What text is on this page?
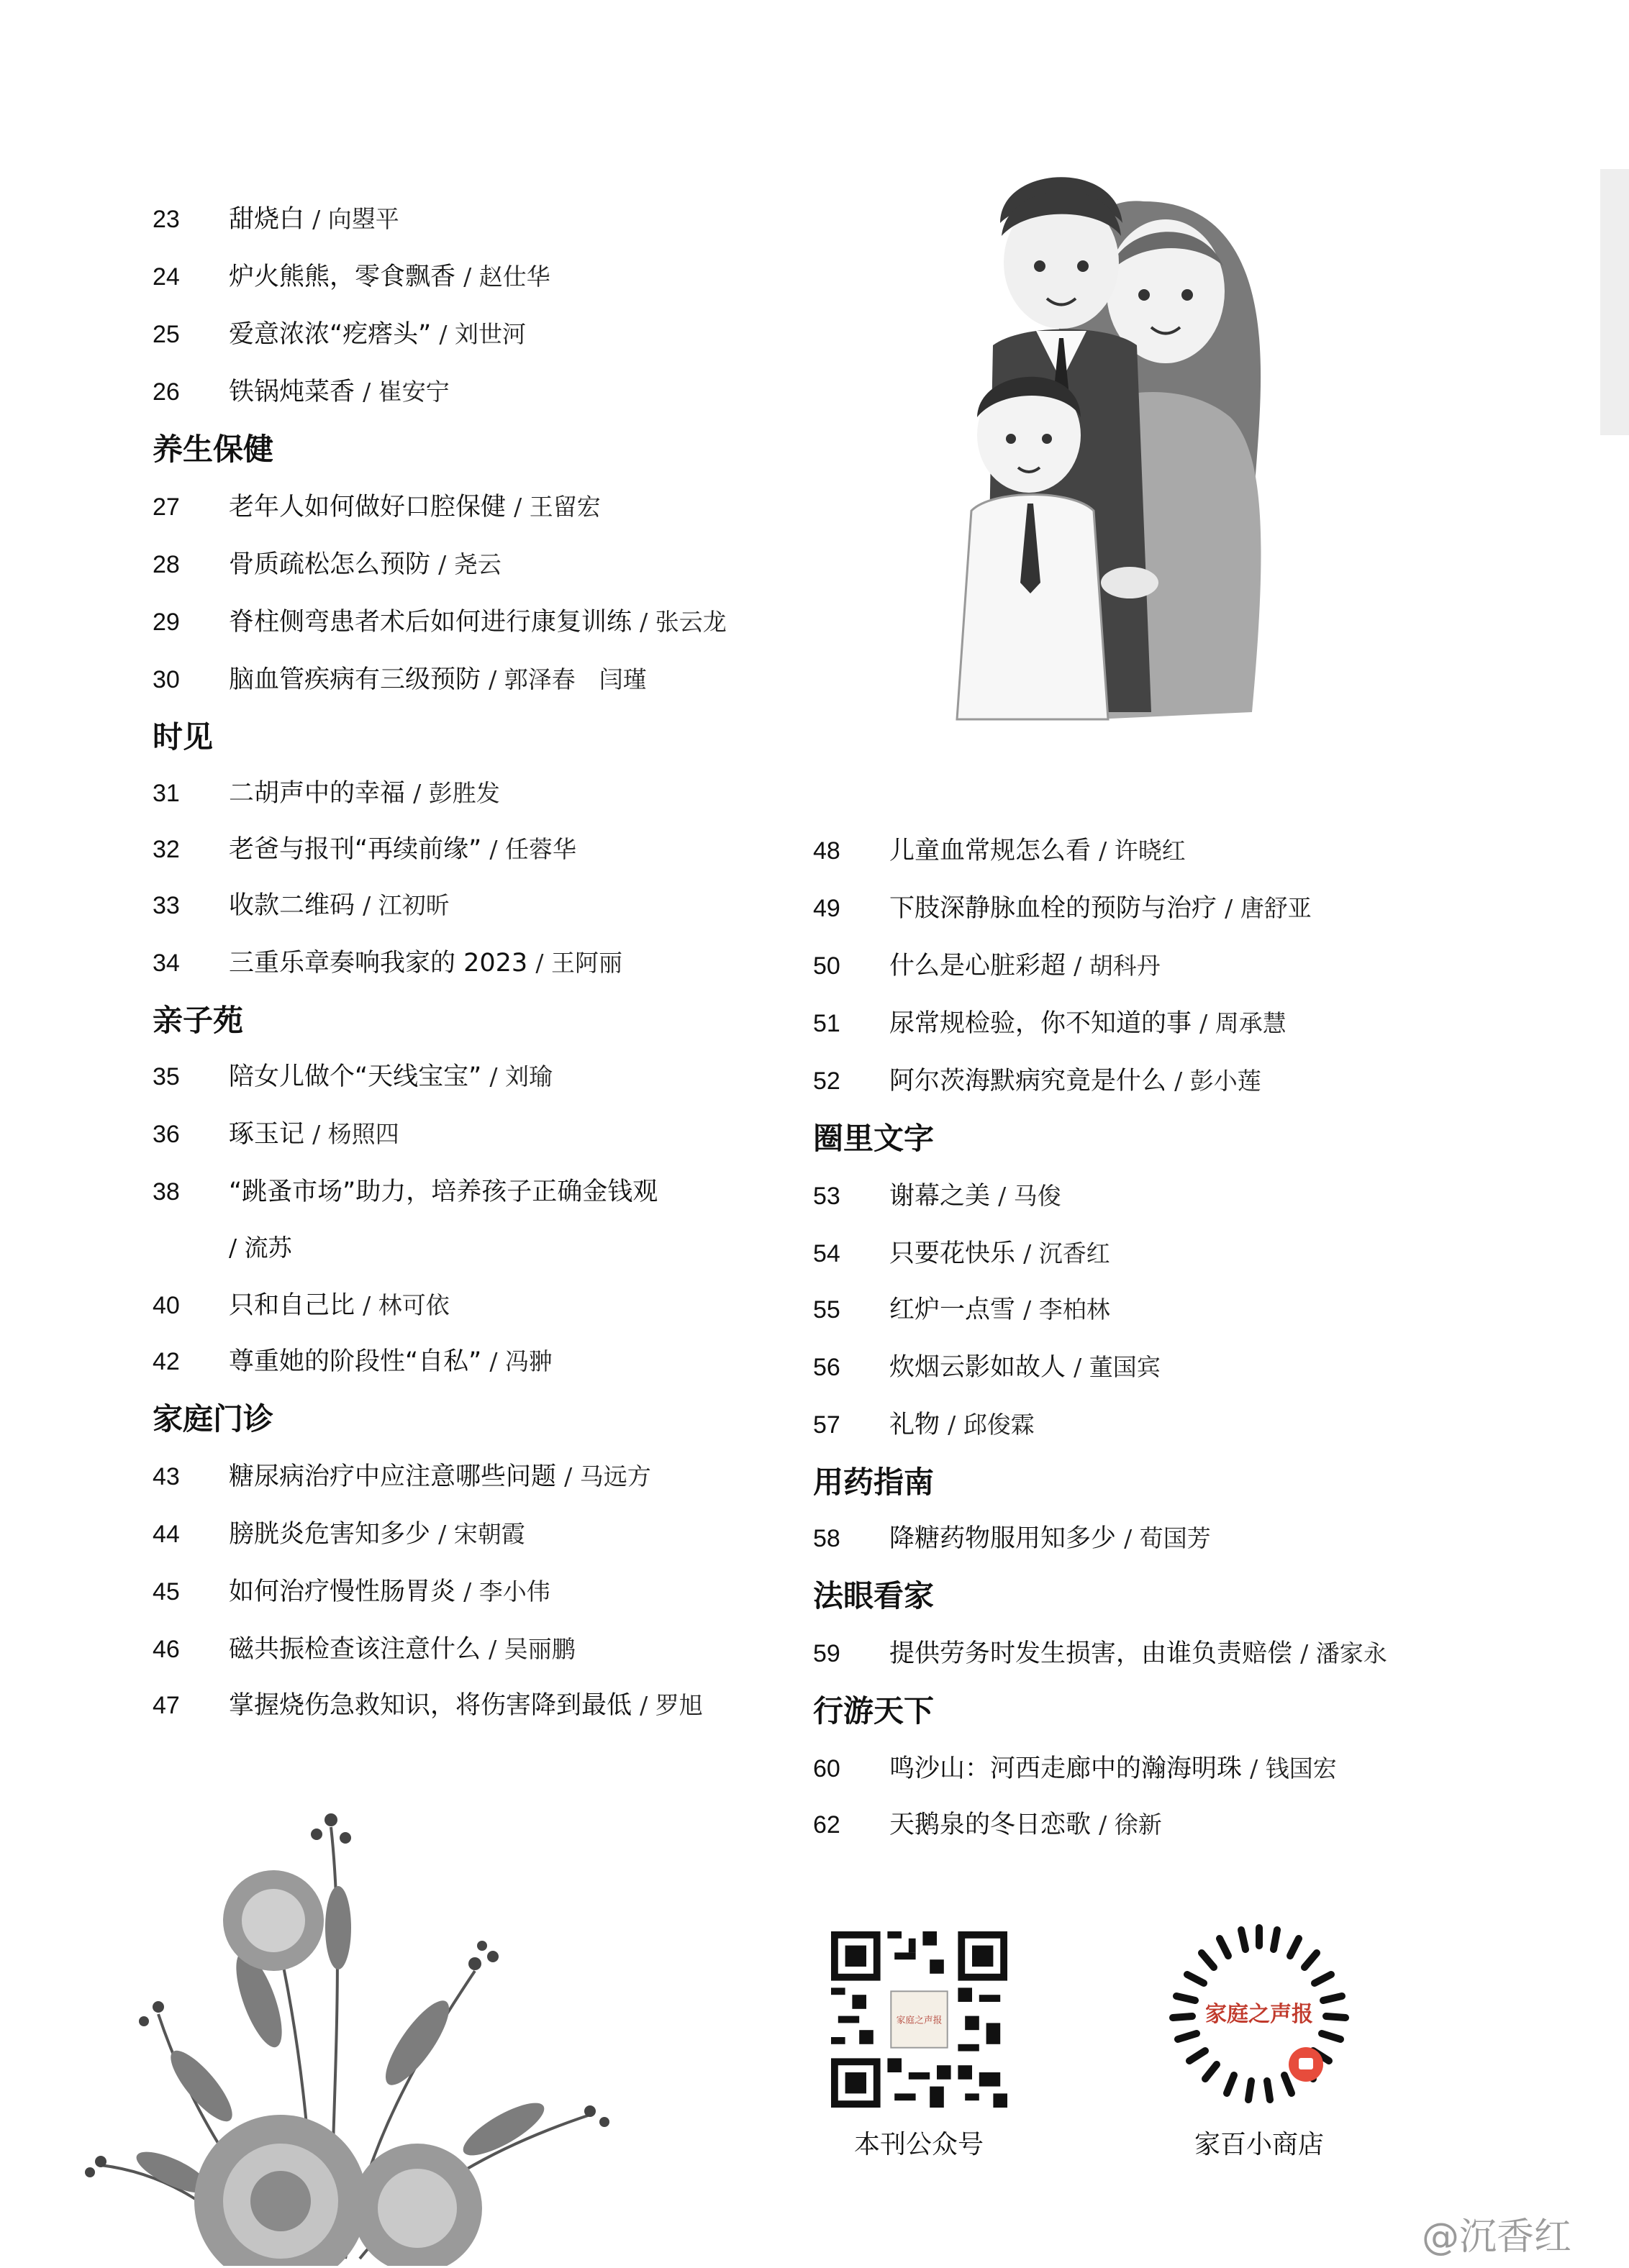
23 甜烧白 / 向曌平
24 炉火熊熊，零食飘香 / 赵仕华
25 爱意浓浓“疙瘩头” / 刘世河
26 铁锅炖菜香 / 崔安宁
养生保健
27 老年人如何做好口腔保健 / 王留宏
28 骨质疏松怎么预防 / 尧云
29 脊柱侧弯患者术后如何进行康复训练 / 张云龙
30 脑血管疾病有三级预防 / 郭泽春　闫瑾
时见
31 二胡声中的幸福 / 彭胜发
32 老爸与报刊“再续前缘” / 任蓉华
33 收款二维码 / 江初昕
34 三重乐章奏响我家的 2023 / 王阿丽
亲子苑
35 陪女儿做个“天线宝宝” / 刘瑜
36 琢玉记 / 杨照四
38 “跳蚤市场”助力，培养孩子正确金钱观
/ 流苏
40 只和自己比 / 林可依
42 尊重她的阶段性“自私” / 冯翀
家庭门诊
43 糖尿病治疗中应注意哪些问题 / 马远方
44 膀胱炎危害知多少 / 宋朝霞
45 如何治疗慢性肠胃炎 / 李小伟
46 磁共振检查该注意什么 / 吴丽鹏
47 掌握烧伤急救知识，将伤害降到最低 / 罗旭
48 儿童血常规怎么看 / 许晓红
49 下肢深静脉血栓的预防与治疗 / 唐舒亚
50 什么是心脏彩超 / 胡科丹
51 尿常规检验，你不知道的事 / 周承慧
52 阿尔茨海默病究竟是什么 / 彭小莲
圈里文字
53 谢幕之美 / 马俊
54 只要花快乐 / 沉香红
55 红炉一点雪 / 李柏林
56 炊烟云影如故人 / 董国宾
57 礼物 / 邱俊霖
用药指南
58 降糖药物服用知多少 / 荀国芳
法眼看家
59 提供劳务时发生损害，由谁负责赔偿 / 潘家永
行游天下
60 鸣沙山：河西走廊中的瀚海明珠 / 钱国宏
62 天鹅泉的冬日恋歌 / 徐新
家庭之声报
本刊公众号
家庭之声报
家百小商店
@沉香红
